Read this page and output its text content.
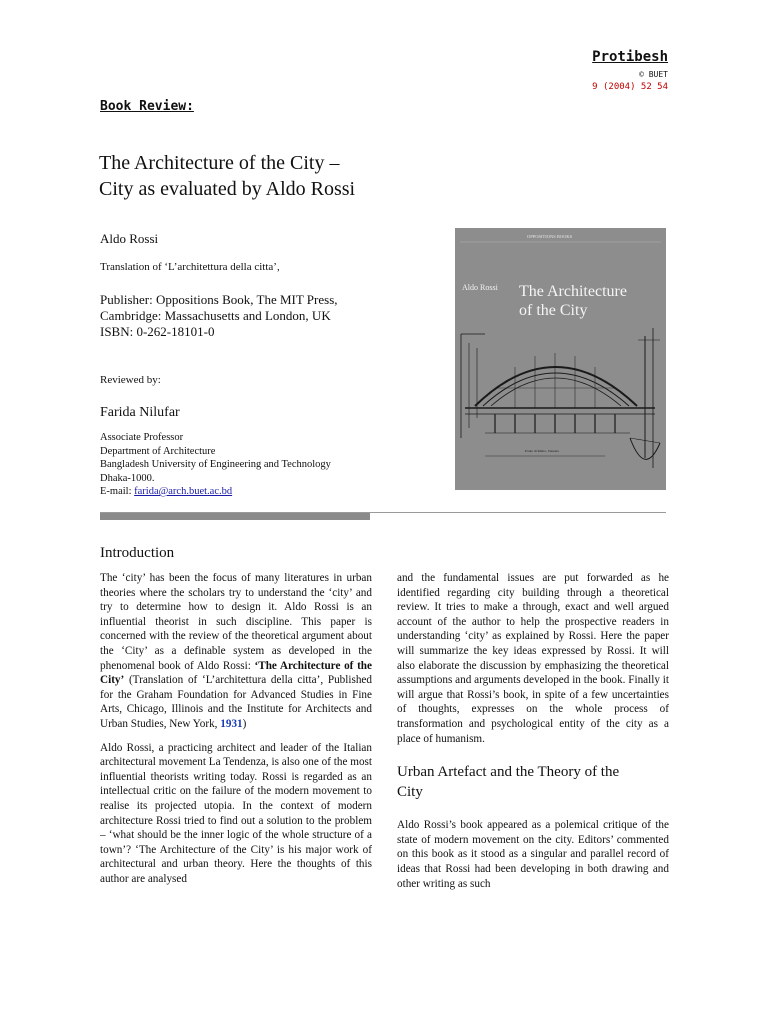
Protibesh
© BUET
9 (2004) 52 54
Book Review:
The Architecture of the City –
City as evaluated by Aldo Rossi
Aldo Rossi
Translation of ‘L’architettura della citta’,
Publisher: Oppositions Book, The MIT Press,
Cambridge: Massachusetts and London, UK
ISBN: 0-262-18101-0
Reviewed by:
Farida Nilufar
Associate Professor
Department of Architecture
Bangladesh University of Engineering and Technology
Dhaka-1000.
E-mail: farida@arch.buet.ac.bd
OPPOSITIONS BOOKS
Aldo Rossi The Architecture
of the City
Ponte di Rialto, Venezia
Introduction

The ‘city’ has been the focus of many literatures in urban theories where the scholars try to understand the ‘city’ and try to determine how to design it. Aldo Rossi is an influential theorist in such discipline. This paper is concerned with the review of the theoretical argument about the ‘City’ as a definable system as developed in the phenomenal book of Aldo Rossi: ‘The Architecture of the City’ (Translation of ‘L’architettura della citta’, Published for the Graham Foundation for Advanced Studies in Fine Arts, Chicago, Illinois and the Institute for Architects and Urban Studies, New York, 1931)

Aldo Rossi, a practicing architect and leader of the Italian architectural movement La Tendenza, is also one of the most influential theorists writing today. Rossi is regarded as an intellectual critic on the failure of the modern movement to realise its projected utopia. In the context of modern architecture Rossi tried to find out a solution to the problem – ‘what should be the inner logic of the whole structure of a town’? ‘The Architecture of the City’ is his major work of architectural and urban theory. Here the thoughts of this author are analysed

and the fundamental issues are put forwarded as he identified regarding city building through a theoretical review. It tries to make a through, exact and well argued account of the author to help the prospective readers in understanding ‘city’ as explained by Rossi. Here the paper will summarize the key ideas expressed by Rossi. It will also elaborate the discussion by emphasizing the theoretical assumptions and arguments developed in the book. Finally it will argue that Rossi’s book, in spite of a few uncertainties of thoughts, expresses on the whole process of transformation and psychological entity of the city as a place of humanism.

Urban Artefact and the Theory of the
City

Aldo Rossi’s book appeared as a polemical critique of the state of modern movement on the city. Editors’ commented on this book as it stood as a singular and parallel record of ideas that Rossi had been developing in both drawing and other writing as such
